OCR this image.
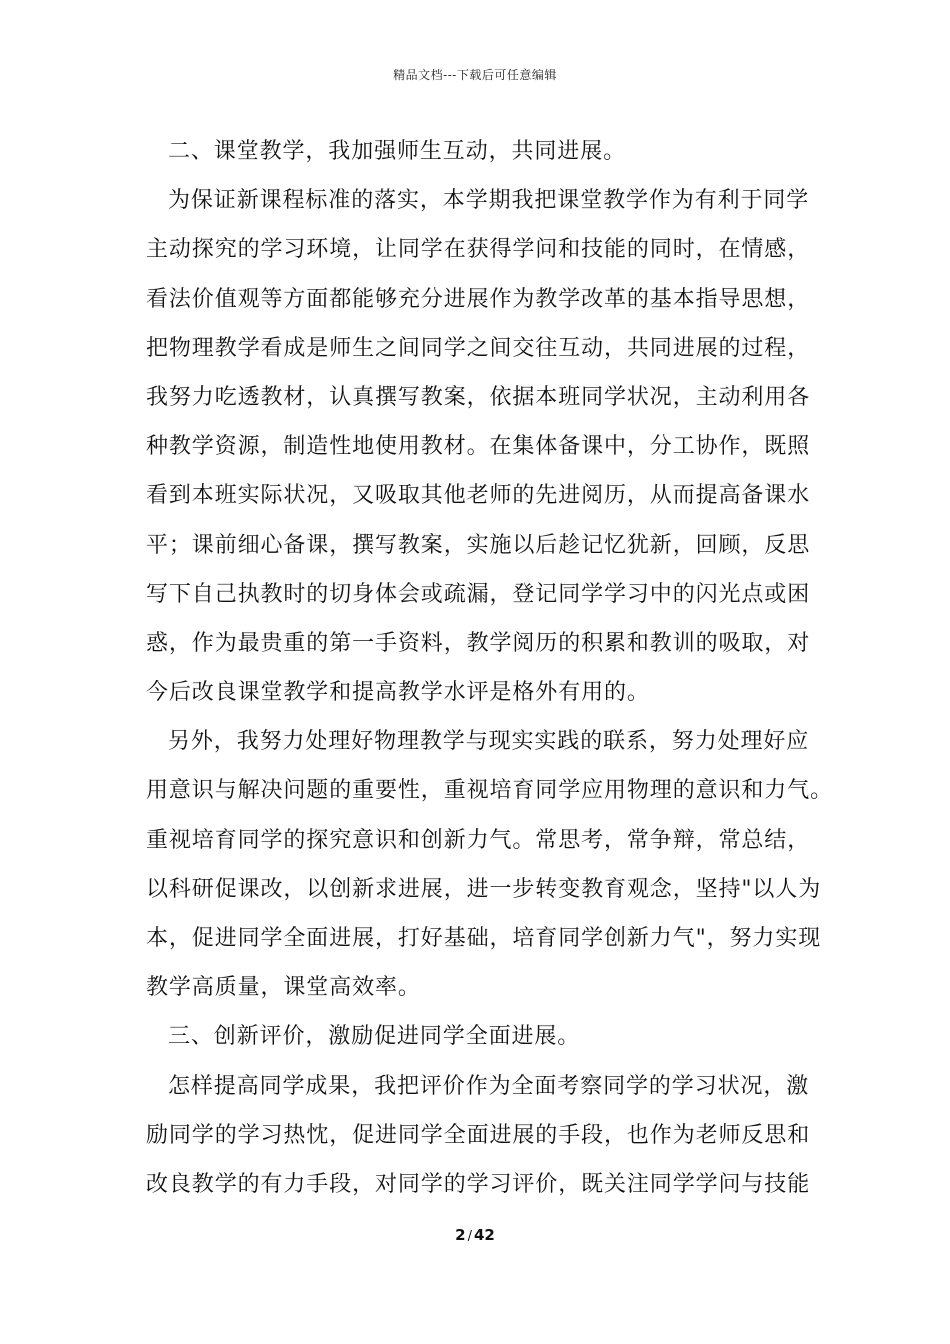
精品文档---下载后可任意编辑
二、课堂教学，我加强师生互动，共同进展。
为保证新课程标准的落实，本学期我把课堂教学作为有利于同学
主动探究的学习环境，让同学在获得学问和技能的同时，在情感，
看法价值观等方面都能够充分进展作为教学改革的基本指导思想，
把物理教学看成是师生之间同学之间交往互动，共同进展的过程，
我努力吃透教材，认真撰写教案，依据本班同学状况，主动利用各
种教学资源，制造性地使用教材。在集体备课中，分工协作，既照
看到本班实际状况，又吸取其他老师的先进阅历，从而提高备课水
平；课前细心备课，撰写教案，实施以后趁记忆犹新，回顾，反思
写下自己执教时的切身体会或疏漏，登记同学学习中的闪光点或困
惑，作为最贵重的第一手资料，教学阅历的积累和教训的吸取，对
今后改良课堂教学和提高教学水评是格外有用的。
另外，我努力处理好物理教学与现实实践的联系，努力处理好应
用意识与解决问题的重要性，重视培育同学应用物理的意识和力气。
重视培育同学的探究意识和创新力气。常思考，常争辩，常总结，
以科研促课改，以创新求进展，进一步转变教育观念，坚持"以人为
本，促进同学全面进展，打好基础，培育同学创新力气"，努力实现
教学高质量，课堂高效率。
三、创新评价，激励促进同学全面进展。
怎样提高同学成果，我把评价作为全面考察同学的学习状况，激
励同学的学习热忱，促进同学全面进展的手段，也作为老师反思和
改良教学的有力手段，对同学的学习评价，既关注同学学问与技能
2 / 42
